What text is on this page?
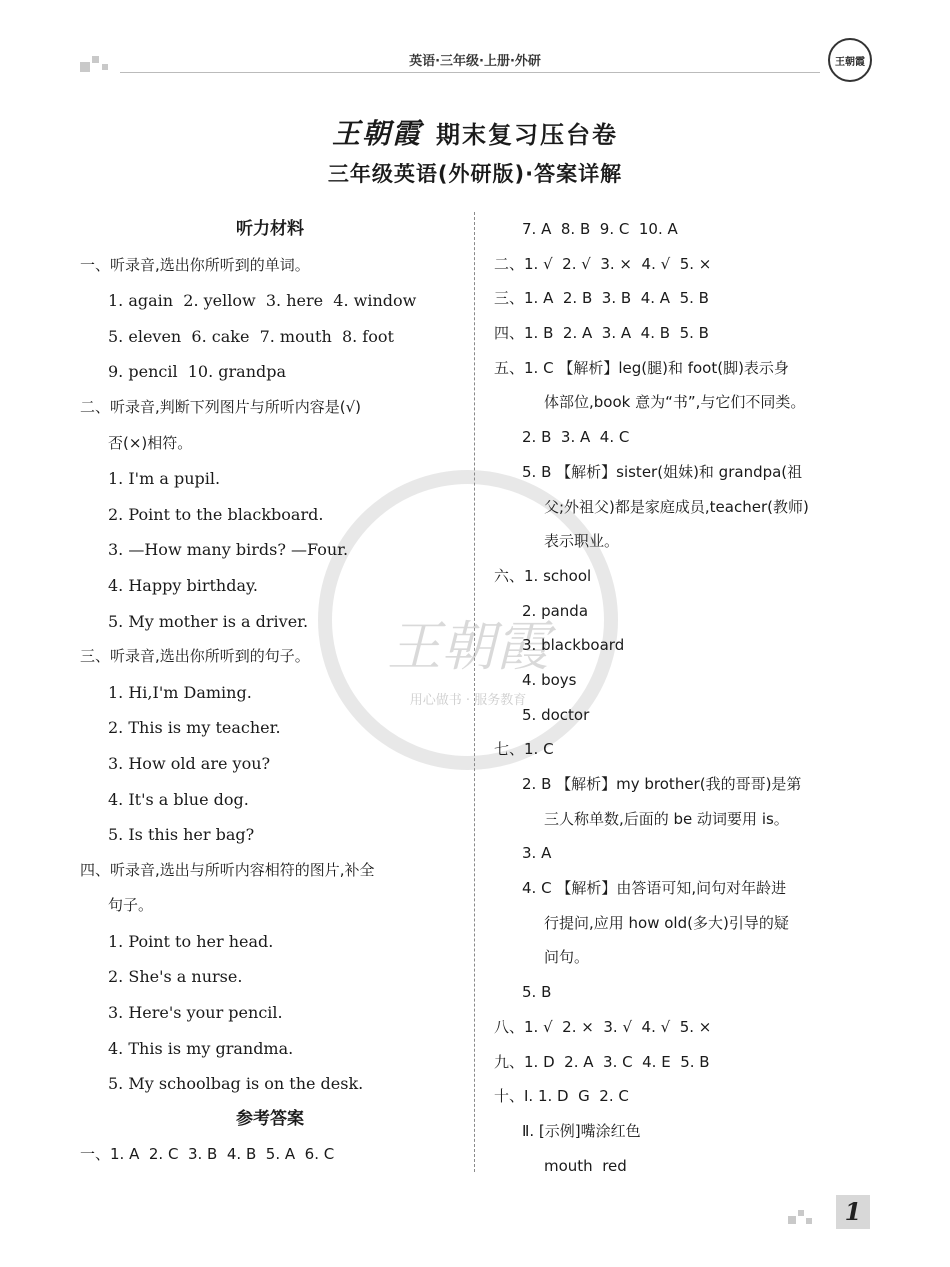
英语·三年级·上册·外研	王朝霞
王朝霞 期末复习压台卷
三年级英语(外研版)·答案详解
王朝霞
用心做书 · 服务教育
听力材料
一、听录音,选出你所听到的单词。
1. again  2. yellow  3. here  4. window
5. eleven  6. cake  7. mouth  8. foot
9. pencil  10. grandpa
二、听录音,判断下列图片与所听内容是(√)
否(×)相符。
1. I'm a pupil.
2. Point to the blackboard.
3. —How many birds? —Four.
4. Happy birthday.
5. My mother is a driver.
三、听录音,选出你所听到的句子。
1. Hi,I'm Daming.
2. This is my teacher.
3. How old are you?
4. It's a blue dog.
5. Is this her bag?
四、听录音,选出与所听内容相符的图片,补全
句子。
1. Point to her head.
2. She's a nurse.
3. Here's your pencil.
4. This is my grandma.
5. My schoolbag is on the desk.
参考答案
一、1. A  2. C  3. B  4. B  5. A  6. C
7. A  8. B  9. C  10. A
二、1. √  2. √  3. ×  4. √  5. ×
三、1. A  2. B  3. B  4. A  5. B
四、1. B  2. A  3. A  4. B  5. B
五、1. C 【解析】leg(腿)和 foot(脚)表示身
体部位,book 意为“书”,与它们不同类。
2. B  3. A  4. C
5. B 【解析】sister(姐妹)和 grandpa(祖
父;外祖父)都是家庭成员,teacher(教师)
表示职业。
六、1. school
2. panda
3. blackboard
4. boys
5. doctor
七、1. C
2. B 【解析】my brother(我的哥哥)是第
三人称单数,后面的 be 动词要用 is。
3. A
4. C 【解析】由答语可知,问句对年龄进
行提问,应用 how old(多大)引导的疑
问句。
5. B
八、1. √  2. ×  3. √  4. √  5. ×
九、1. D  2. A  3. C  4. E  5. B
十、Ⅰ. 1. D  G  2. C
Ⅱ. [示例]嘴涂红色
mouth  red
1
